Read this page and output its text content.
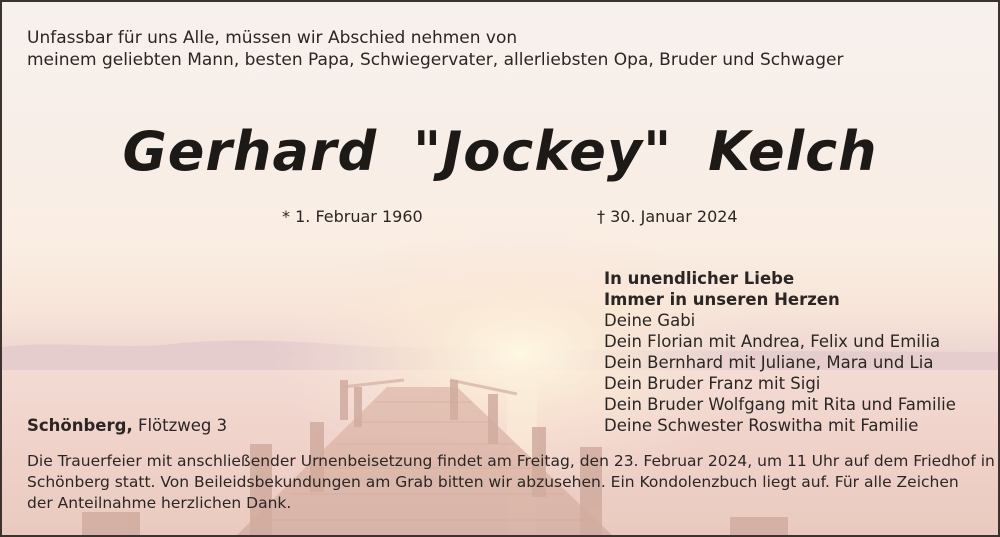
Unfassbar für uns Alle, müssen wir Abschied nehmen von

meinem geliebten Mann, besten Papa, Schwiegervater, allerliebsten Opa, Bruder und Schwager

Gerhard "Jockey" Kelch
* 1. Februar 1960	† 30. Januar 2024
In unendlicher Liebe
Immer in unseren Herzen
Deine Gabi
Dein Florian mit Andrea, Felix und Emilia
Dein Bernhard mit Juliane, Mara und Lia
Dein Bruder Franz mit Sigi
Dein Bruder Wolfgang mit Rita und Familie
Deine Schwester Roswitha mit Familie
Schönberg, Flötzweg 3

Die Trauerfeier mit anschließender Urnenbeisetzung findet am Freitag, den 23. Februar 2024, um 11 Uhr auf dem Friedhof in

Schönberg statt. Von Beileidsbekundungen am Grab bitten wir abzusehen. Ein Kondolenzbuch liegt auf. Für alle Zeichen

der Anteilnahme herzlichen Dank.
